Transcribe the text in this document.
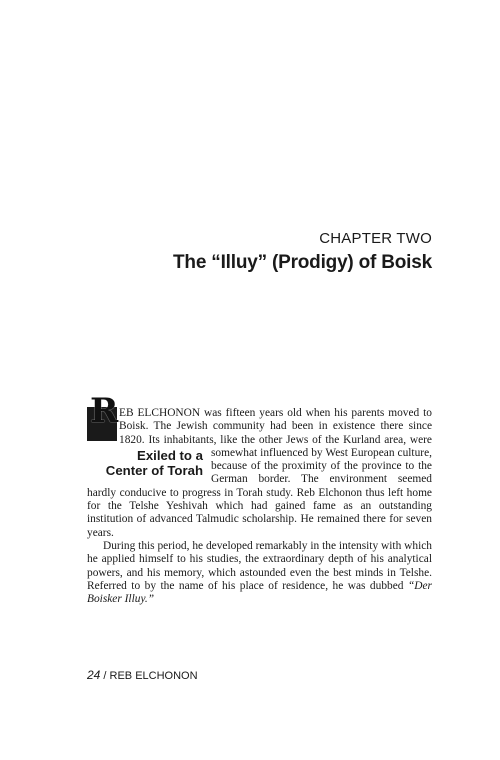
CHAPTER TWO
The “Illuy” (Prodigy) of Boisk

EB ELCHONON was fifteen years old when his parents moved to Boisk. The Jewish community had been in existence there since 1820. Its inhabitants, like the other Jews of the Kurland area,
Exiled to a
Center of Torah
were somewhat influenced by West European culture, because of the proximity of the province to the German border. The environment seemed hardly conducive to progress in Torah study. Reb Elchonon thus left home for the Telshe Yeshivah which had gained fame as an outstanding institution of advanced Talmudic scholarship. He remained there for seven years.

During this period, he developed remarkably in the intensity with which he applied himself to his studies, the extraordinary depth of his analytical powers, and his memory, which astounded even the best minds in Telshe. Referred to by the name of his place of residence, he was dubbed “Der Boisker Illuy.”

24 / REB ELCHONON
